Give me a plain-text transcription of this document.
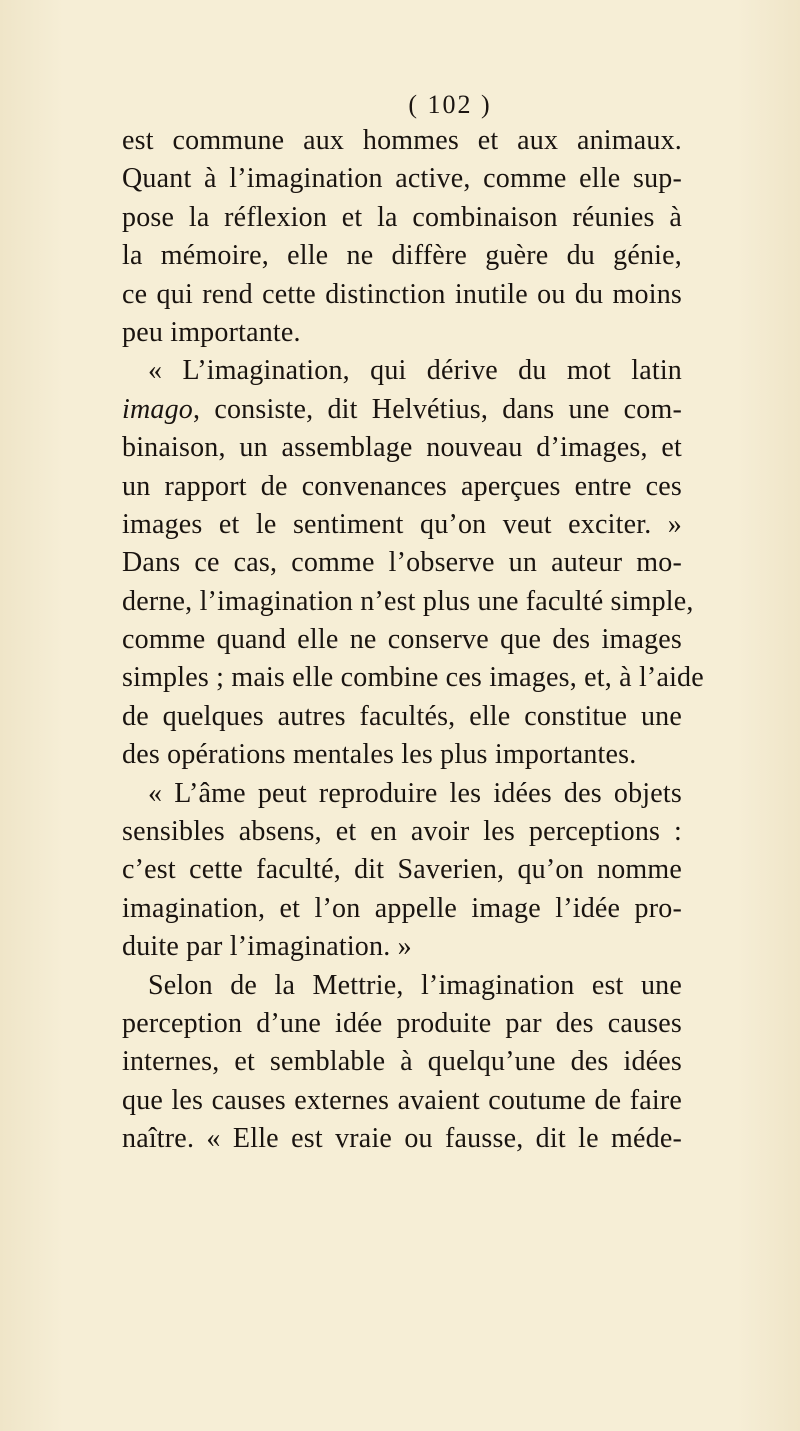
( 102 )
est commune aux hommes et aux animaux.
Quant à l’imagination active, comme elle sup-
pose la réflexion et la combinaison réunies à
la mémoire, elle ne diffère guère du génie,
ce qui rend cette distinction inutile ou du moins
peu importante.
« L’imagination, qui dérive du mot latin
imago, consiste, dit Helvétius, dans une com-
binaison, un assemblage nouveau d’images, et
un rapport de convenances aperçues entre ces
images et le sentiment qu’on veut exciter. »
Dans ce cas, comme l’observe un auteur mo-
derne, l’imagination n’est plus une faculté simple,
comme quand elle ne conserve que des images
simples ; mais elle combine ces images, et, à l’aide
de quelques autres facultés, elle constitue une
des opérations mentales les plus importantes.
« L’âme peut reproduire les idées des objets
sensibles absens, et en avoir les perceptions :
c’est cette faculté, dit Saverien, qu’on nomme
imagination, et l’on appelle image l’idée pro-
duite par l’imagination. »
Selon de la Mettrie, l’imagination est une
perception d’une idée produite par des causes
internes, et semblable à quelqu’une des idées
que les causes externes avaient coutume de faire
naître. « Elle est vraie ou fausse, dit le méde-
